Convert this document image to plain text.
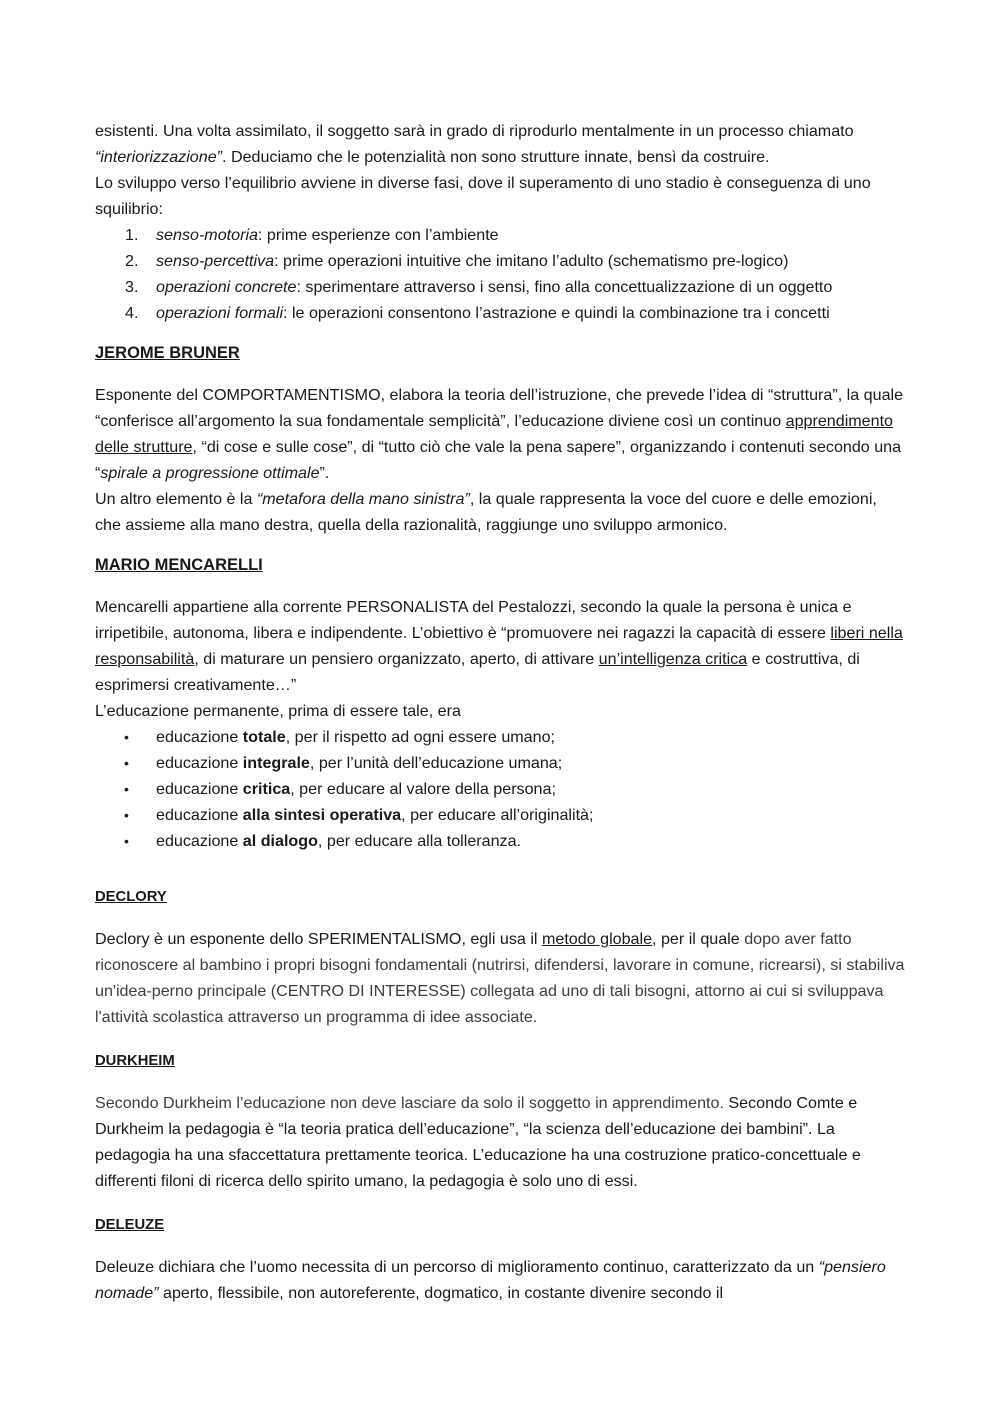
esistenti. Una volta assimilato, il soggetto sarà in grado di riprodurlo mentalmente in un processo chiamato “interiorizzazione”. Deduciamo che le potenzialità non sono strutture innate, bensì da costruire.

Lo sviluppo verso l’equilibrio avviene in diverse fasi, dove il superamento di uno stadio è conseguenza di uno squilibrio:

1. senso-motoria: prime esperienze con l’ambiente
2. senso-percettiva: prime operazioni intuitive che imitano l’adulto (schematismo pre-logico)
3. operazioni concrete: sperimentare attraverso i sensi, fino alla concettualizzazione di un oggetto
4. operazioni formali: le operazioni consentono l’astrazione e quindi la combinazione tra i concetti
JEROME BRUNER

Esponente del COMPORTAMENTISMO, elabora la teoria dell’istruzione, che prevede l’idea di “struttura”, la quale “conferisce all’argomento la sua fondamentale semplicità”, l’educazione diviene così un continuo apprendimento delle strutture, “di cose e sulle cose”, di “tutto ciò che vale la pena sapere”, organizzando i contenuti secondo una “spirale a progressione ottimale”.

Un altro elemento è la “metafora della mano sinistra”, la quale rappresenta la voce del cuore e delle emozioni, che assieme alla mano destra, quella della razionalità, raggiunge uno sviluppo armonico.

MARIO MENCARELLI

Mencarelli appartiene alla corrente PERSONALISTA del Pestalozzi, secondo la quale la persona è unica e irripetibile, autonoma, libera e indipendente. L’obiettivo è “promuovere nei ragazzi la capacità di essere liberi nella responsabilità, di maturare un pensiero organizzato, aperto, di attivare un’intelligenza critica e costruttiva, di esprimersi creativamente…”

L’educazione permanente, prima di essere tale, era

• educazione totale, per il rispetto ad ogni essere umano;
• educazione integrale, per l’unità dell’educazione umana;
• educazione critica, per educare al valore della persona;
• educazione alla sintesi operativa, per educare all’originalità;
• educazione al dialogo, per educare alla tolleranza.
DECLORY

Declory è un esponente dello SPERIMENTALISMO, egli usa il metodo globale, per il quale dopo aver fatto riconoscere al bambino i propri bisogni fondamentali (nutrirsi, difendersi, lavorare in comune, ricrearsi), si stabiliva un'idea-perno principale (CENTRO DI INTERESSE) collegata ad uno di tali bisogni, attorno ai cui si sviluppava l'attività scolastica attraverso un programma di idee associate.

DURKHEIM

Secondo Durkheim l’educazione non deve lasciare da solo il soggetto in apprendimento. Secondo Comte e Durkheim la pedagogia è “la teoria pratica dell’educazione”, “la scienza dell’educazione dei bambini”. La pedagogia ha una sfaccettatura prettamente teorica. L’educazione ha una costruzione pratico-concettuale e differenti filoni di ricerca dello spirito umano, la pedagogia è solo uno di essi.

DELEUZE

Deleuze dichiara che l’uomo necessita di un percorso di miglioramento continuo, caratterizzato da un “pensiero nomade” aperto, flessibile, non autoreferente, dogmatico, in costante divenire secondo il
